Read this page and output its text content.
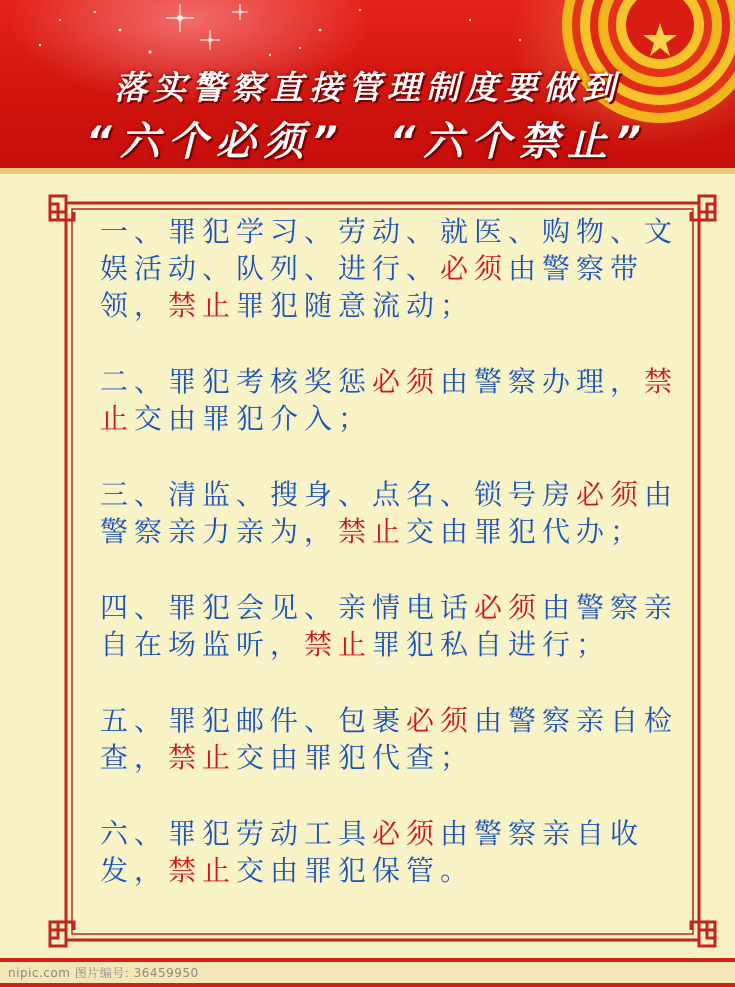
落实警察直接管理制度要做到
“六个必须”  “六个禁止”

一、罪犯学习、劳动、就医、购物、文娱活动、队列、进行、必须由警察带领，禁止罪犯随意流动；

二、罪犯考核奖惩必须由警察办理，禁止交由罪犯介入；

三、清监、搜身、点名、锁号房必须由警察亲力亲为，禁止交由罪犯代办；

四、罪犯会见、亲情电话必须由警察亲自在场监听，禁止罪犯私自进行；

五、罪犯邮件、包裹必须由警察亲自检查，禁止交由罪犯代查；

六、罪犯劳动工具必须由警察亲自收发，禁止交由罪犯保管。

nipic.com 图片编号: 36459950
